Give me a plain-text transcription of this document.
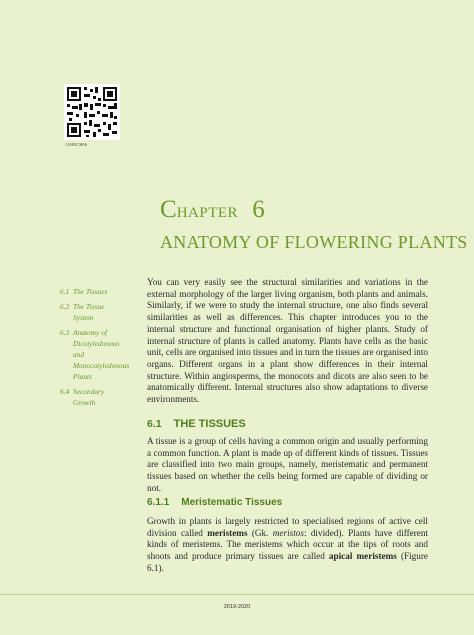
11085CH06
CHAPTER 6
ANATOMY OF FLOWERING PLANTS
6.1 The Tissues
6.2 The Tissue
System
6.3 Anatomy of
Dicotyledonous
and
Monocotyledonous
Plants
6.4 Secondary
Growth

You can very easily see the structural similarities and variations in the external morphology of the larger living organism, both plants and animals. Similarly, if we were to study the internal structure, one also finds several similarities as well as differences. This chapter introduces you to the internal structure and functional organisation of higher plants. Study of internal structure of plants is called anatomy. Plants have cells as the basic unit, cells are organised into tissues and in turn the tissues are organised into organs. Different organs in a plant show differences in their internal structure. Within angiosperms, the monocots and dicots are also seen to be anatomically different. Internal structures also show adaptations to diverse environments.

6.1 THE TISSUES

A tissue is a group of cells having a common origin and usually performing a common function. A plant is made up of different kinds of tissues. Tissues are classified into two main groups, namely, meristematic and permanent tissues based on whether the cells being formed are capable of dividing or not.

6.1.1 Meristematic Tissues

Growth in plants is largely restricted to specialised regions of active cell division called meristems (Gk. meristos: divided). Plants have different kinds of meristems. The meristems which occur at the tips of roots and shoots and produce primary tissues are called apical meristems (Figure 6.1).

2019-2020
